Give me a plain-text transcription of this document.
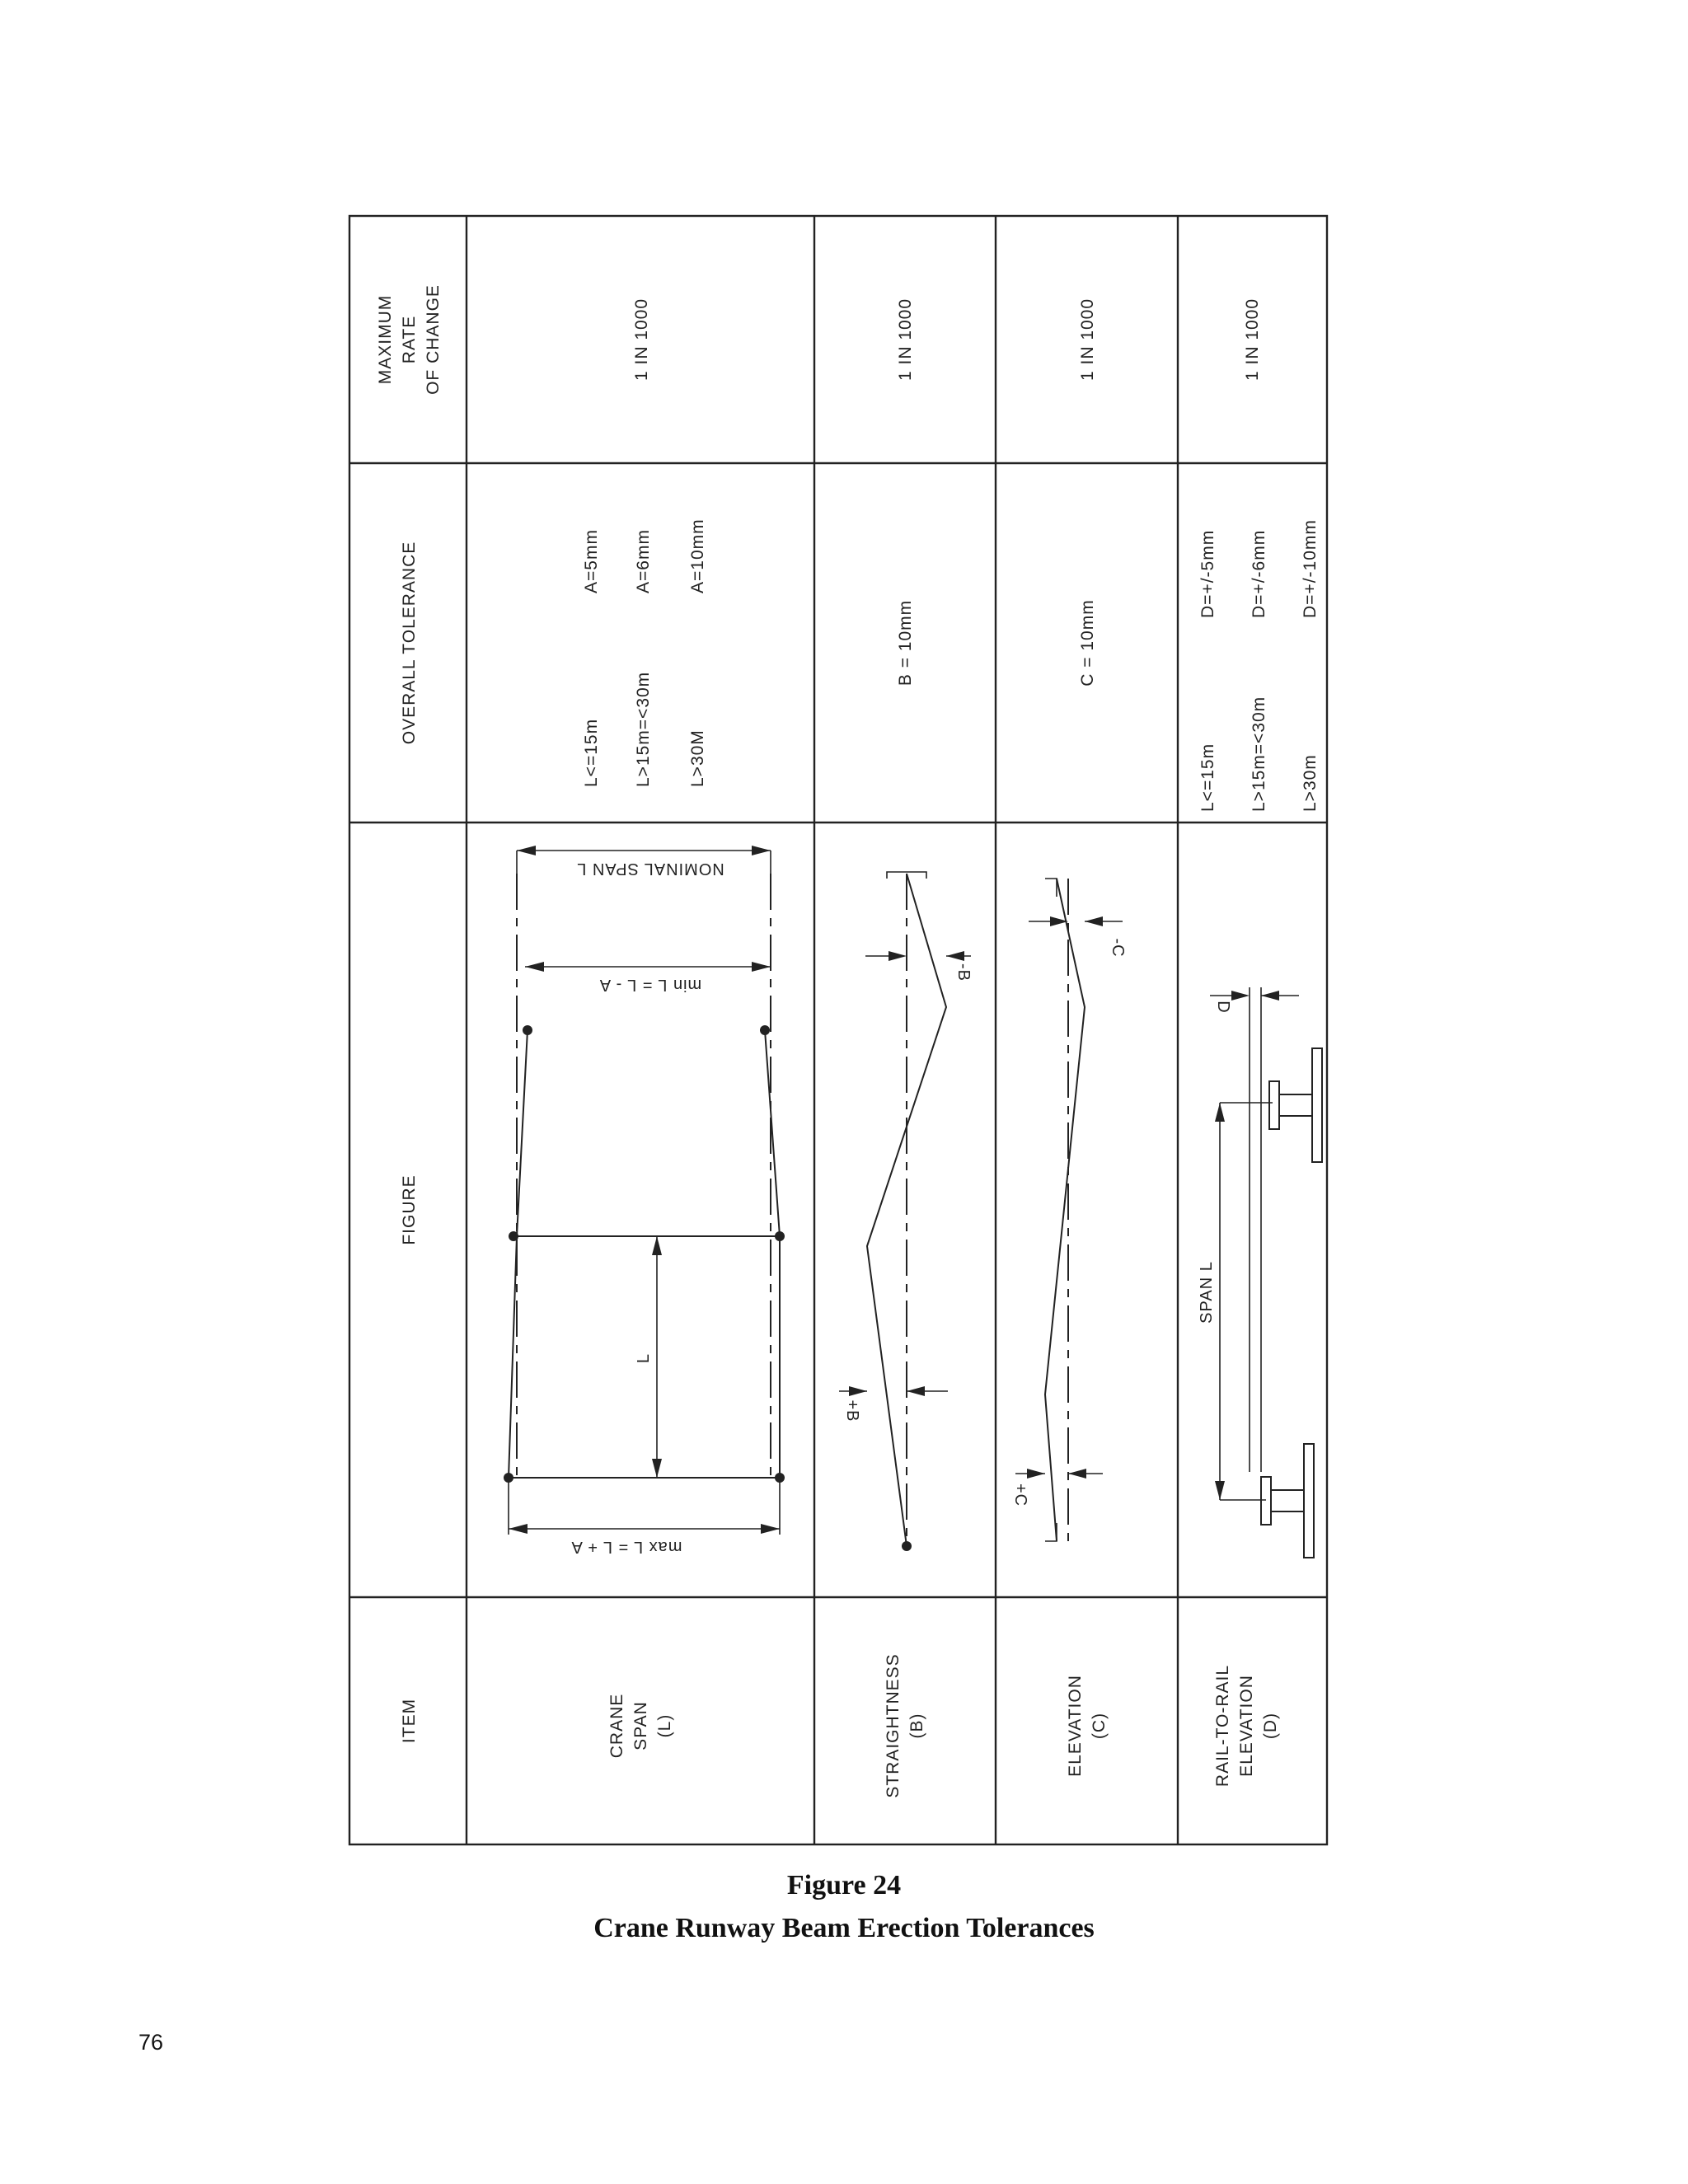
MAXIMUM RATE OF CHANGE
OVERALL TOLERANCE
FIGURE
ITEM
1 IN 1000
L<=15m
A=5mm
L>15m=<30m
A=6mm
L>30M
A=10mm
CRANE SPAN (L)
NOMINAL SPAN L
min L = L - A
L
max L = L + A
1 IN 1000
B = 10mm
STRAIGHTNESS (B)
-B
+B
1 IN 1000
C = 10mm
ELEVATION (C)
-C
+C
1 IN 1000
L<=15m
D=+/-5mm
L>15m=<30m
D=+/-6mm
L>30m
D=+/-10mm
RAIL-TO-RAIL ELEVATION (D)
D
SPAN L
Figure 24
Crane Runway Beam Erection Tolerances
76
